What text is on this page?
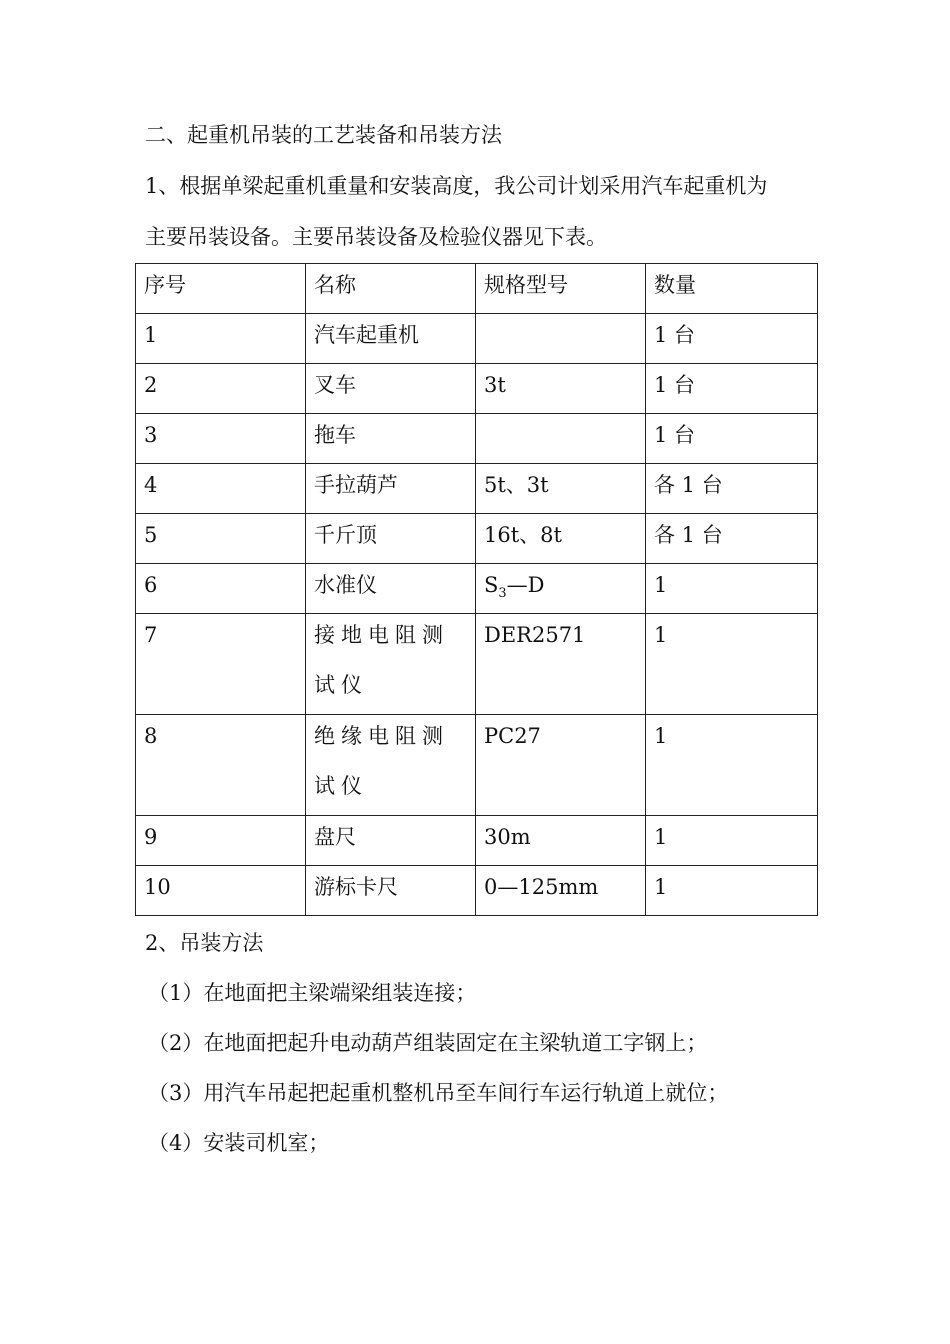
二、起重机吊装的工艺装备和吊装方法

1、根据单梁起重机重量和安装高度，我公司计划采用汽车起重机为

主要吊装设备。主要吊装设备及检验仪器见下表。

序号	名称	规格型号	数量

1	汽车起重机		1 台

2	叉车	3t	1 台

3	拖车		1 台

4	手拉葫芦	5t、3t	各 1 台

5	千斤顶	16t、8t	各 1 台

6	水准仪	$S_3—D$	1

7	接地电阻测试仪	DER2571	1

8	绝缘电阻测试仪	PC27	1

9	盘尺	30m	1

10	游标卡尺	0—125mm	1

2、吊装方法

（1）在地面把主梁端梁组装连接；

（2）在地面把起升电动葫芦组装固定在主梁轨道工字钢上；

（3）用汽车吊起把起重机整机吊至车间行车运行轨道上就位；

（4）安装司机室；
